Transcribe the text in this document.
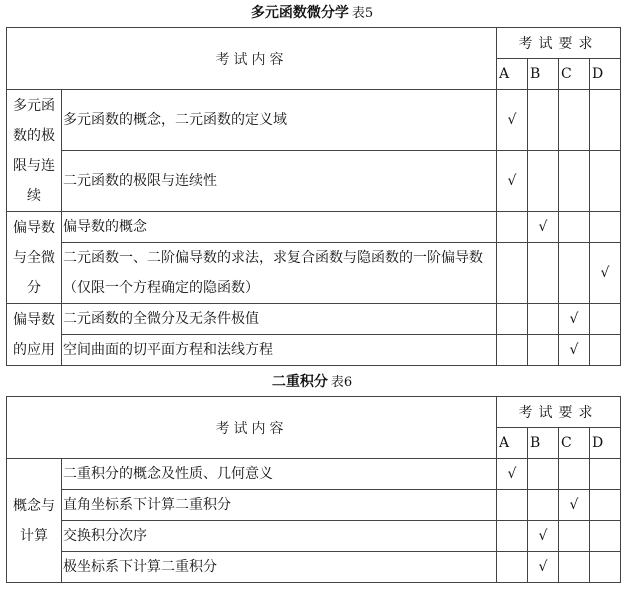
多元函数微分学 表5
考试内容		考试要求			
		A	B	C	D
多元函数的极限与连续	多元函数的概念，二元函数的定义域	√			
	二元函数的极限与连续性	√			
偏导数与全微分	偏导数的概念		√		
	二元函数一、二阶偏导数的求法，求复合函数与隐函数的一阶偏导数（仅限一个方程确定的隐函数）				√
偏导数的应用	二元函数的全微分及无条件极值			√	
	空间曲面的切平面方程和法线方程			√	
二重积分 表6
考试内容		考试要求			
		A	B	C	D
概念与计算	二重积分的概念及性质、几何意义	√			
	直角坐标系下计算二重积分			√	
	交换积分次序		√		
	极坐标系下计算二重积分		√		
